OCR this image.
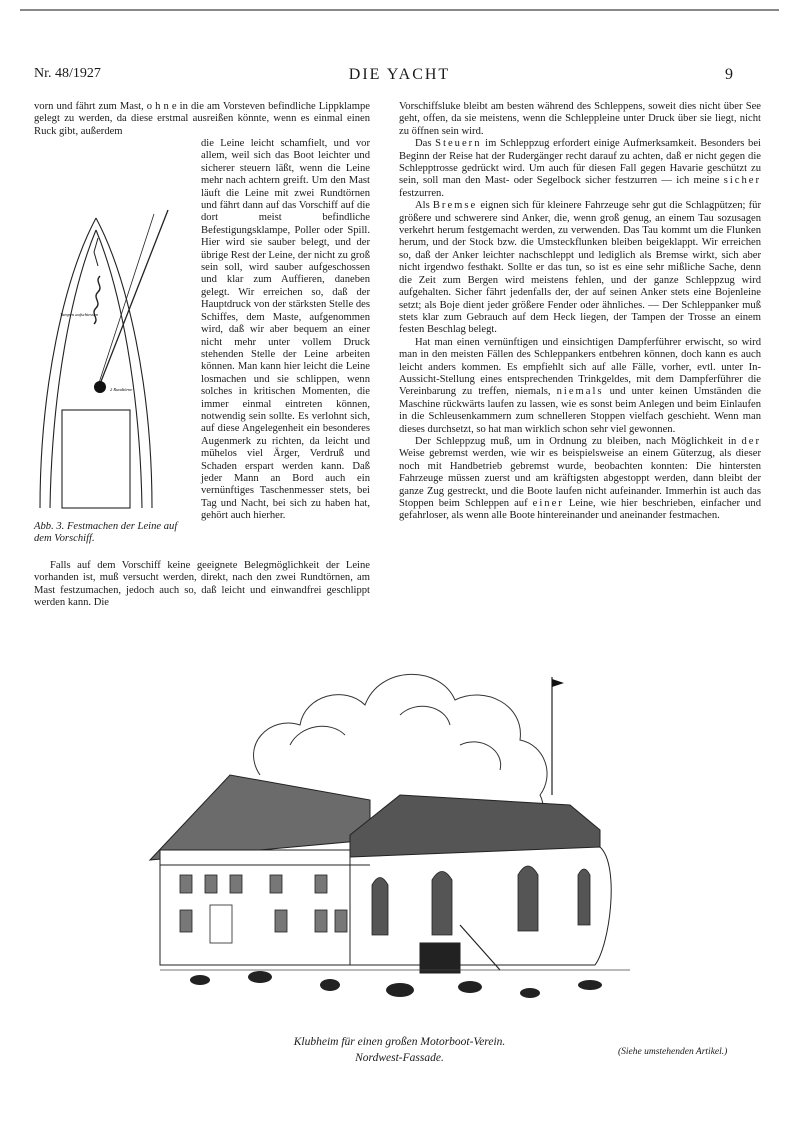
Nr. 48/1927	DIE YACHT	9

vorn und fährt zum Mast, o h n e in die am Vorsteven befindliche Lippklampe gelegt zu werden, da diese erstmal ausreißen könnte, wenn es einmal einen Ruck gibt, außerdem

die Leine leicht schamfielt, und vor allem, weil sich das Boot leichter und sicherer steuern läßt, wenn die Leine mehr nach achtern greift. Um den Mast läuft die Leine mit zwei Rundtörnen und fährt dann auf das Vorschiff auf die dort meist befindliche Befestigungsklampe, Poller oder Spill. Hier wird sie sauber belegt, und der übrige Rest der Leine, der nicht zu groß sein soll, wird sauber aufgeschossen und klar zum Auffieren, daneben gelegt. Wir erreichen so, daß der Hauptdruck von der stärksten Stelle des Schiffes, dem Maste, aufgenommen wird, daß wir aber bequem an einer nicht mehr unter vollem Druck stehenden Stelle der Leine arbeiten können. Man kann hier leicht die Leine losmachen und sie schlippen, wenn solches in kritischen Momenten, die immer einmal eintreten können, notwendig sein sollte. Es verlohnt sich, auf diese Angelegenheit ein besonderes Augenmerk zu richten, da leicht und mühelos viel Ärger, Verdruß und Schaden erspart werden kann. Daß jeder Mann an Bord auch ein vernünftiges Taschenmesser stets, bei Tag und Nacht, bei sich zu haben hat, gehört auch hierher.

Tampen aufschiessen
2 Rundtörne
Abb. 3. Festmachen der Leine auf dem Vorschiff.

Falls auf dem Vorschiff keine geeignete Belegmöglichkeit der Leine vorhanden ist, muß versucht werden, direkt, nach den zwei Rundtörnen, am Mast festzumachen, jedoch auch so, daß leicht und einwandfrei geschlippt werden kann. Die

Vorschiffsluke bleibt am besten während des Schleppens, soweit dies nicht über See geht, offen, da sie meistens, wenn die Schleppleine unter Druck über sie liegt, nicht zu öffnen sein wird.

Das Steuern im Schleppzug erfordert einige Aufmerksamkeit. Besonders bei Beginn der Reise hat der Rudergänger recht darauf zu achten, daß er nicht gegen die Schlepptrosse gedrückt wird. Um auch für diesen Fall gegen Havarie geschützt zu sein, soll man den Mast- oder Segelbock sicher festzurren — ich meine sicher festzurren.

Als Bremse eignen sich für kleinere Fahrzeuge sehr gut die Schlagpützen; für größere und schwerere sind Anker, die, wenn groß genug, an einem Tau sozusagen verkehrt herum festgemacht werden, zu verwenden. Das Tau kommt um die Flunken herum, und der Stock bzw. die Umsteckflunken bleiben beigeklappt. Wir erreichen so, daß der Anker leichter nachschleppt und lediglich als Bremse wirkt, sich aber nicht irgendwo festhakt. Sollte er das tun, so ist es eine sehr mißliche Sache, denn die Zeit zum Bergen wird meistens fehlen, und der ganze Schleppzug wird aufgehalten. Sicher fährt jedenfalls der, der auf seinen Anker stets eine Bojenleine setzt; als Boje dient jeder größere Fender oder ähnliches. — Der Schleppanker muß stets klar zum Gebrauch auf dem Heck liegen, der Tampen der Trosse an einem festen Beschlag belegt.

Hat man einen vernünftigen und einsichtigen Dampferführer erwischt, so wird man in den meisten Fällen des Schleppankers entbehren können, doch kann es auch leicht anders kommen. Es empfiehlt sich auf alle Fälle, vorher, evtl. unter In-Aussicht-Stellung eines entsprechenden Trinkgeldes, mit dem Dampferführer die Vereinbarung zu treffen, niemals, niemals und unter keinen Umständen die Maschine rückwärts laufen zu lassen, wie es sonst beim Anlegen und beim Einlaufen in die Schleusenkammern zum schnelleren Stoppen vielfach geschieht. Wenn man dieses durchsetzt, so hat man wirklich schon sehr viel gewonnen.

Der Schleppzug muß, um in Ordnung zu bleiben, nach Möglichkeit in der Weise gebremst werden, wie wir es beispielsweise an einem Güterzug, als dieser noch mit Handbetrieb gebremst wurde, beobachten konnten: Die hintersten Fahrzeuge müssen zuerst und am kräftigsten abgestoppt werden, dann bleibt der ganze Zug gestreckt, und die Boote laufen nicht aufeinander. Immerhin ist auch das Stoppen beim Schleppen auf einer Leine, wie hier beschrieben, einfacher und gefahrloser, als wenn alle Boote hintereinander und aneinander festmachen.

Klubheim für einen großen Motorboot-Verein.
Nordwest-Fassade.	(Siehe umstehenden Artikel.)
